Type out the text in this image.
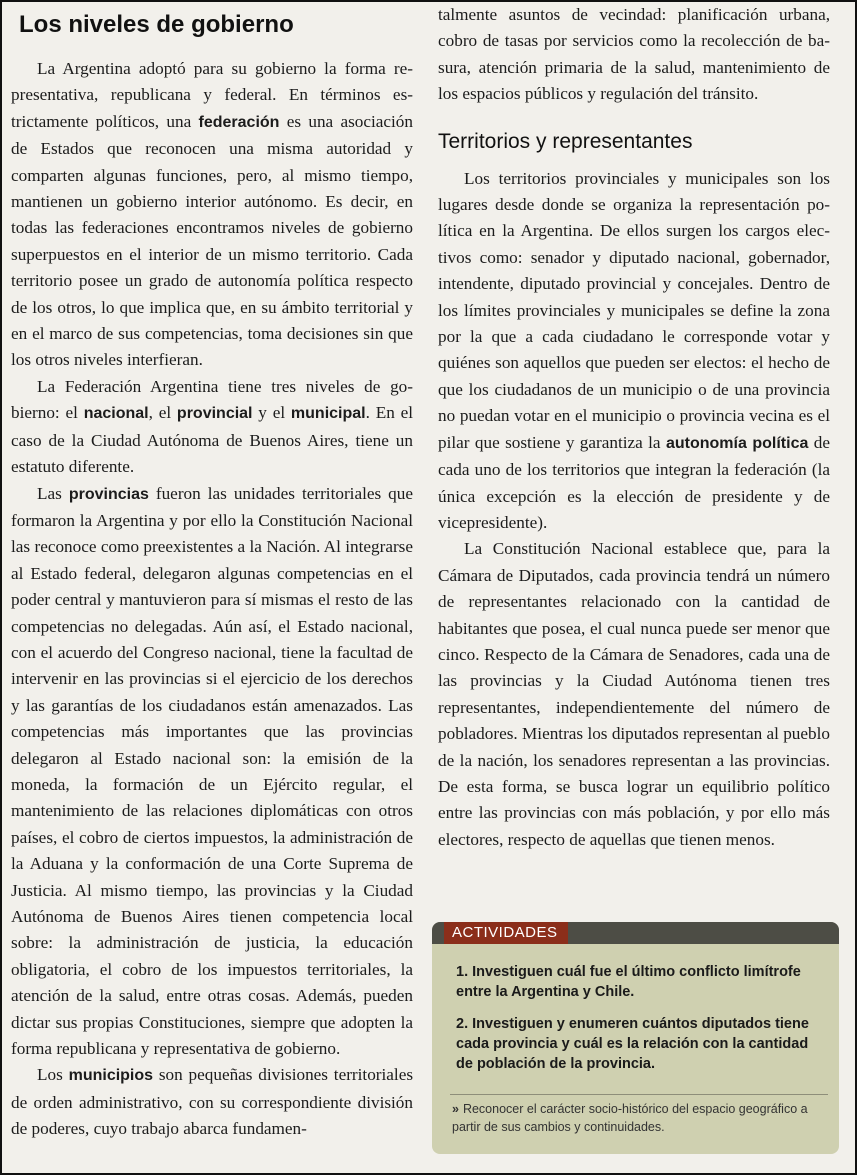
Los niveles de gobierno

La Argentina adoptó para su gobierno la forma representativa, republicana y federal. En términos estrictamente políticos, una federación es una asociación de Estados que reconocen una misma autoridad y comparten algunas funciones, pero, al mismo tiempo, mantienen un gobierno interior autónomo. Es decir, en todas las federaciones encontramos niveles de gobierno superpuestos en el interior de un mismo territorio. Cada territorio posee un grado de autonomía política respecto de los otros, lo que implica que, en su ámbito territorial y en el marco de sus competencias, toma decisiones sin que los otros niveles interfieran.

La Federación Argentina tiene tres niveles de gobierno: el nacional, el provincial y el municipal. En el caso de la Ciudad Autónoma de Buenos Aires, tiene un estatuto diferente.

Las provincias fueron las unidades territoriales que formaron la Argentina y por ello la Constitución Nacional las reconoce como preexistentes a la Nación. Al integrarse al Estado federal, delegaron algunas competencias en el poder central y mantuvieron para sí mismas el resto de las competencias no delegadas. Aún así, el Estado nacional, con el acuerdo del Congreso nacional, tiene la facultad de intervenir en las provincias si el ejercicio de los derechos y las garantías de los ciudadanos están amenazados. Las competencias más importantes que las provincias delegaron al Estado nacional son: la emisión de la moneda, la formación de un Ejército regular, el mantenimiento de las relaciones diplomáticas con otros países, el cobro de ciertos impuestos, la administración de la Aduana y la conformación de una Corte Suprema de Justicia. Al mismo tiempo, las provincias y la Ciudad Autónoma de Buenos Aires tienen competencia local sobre: la administración de justicia, la educación obligatoria, el cobro de los impuestos territoriales, la atención de la salud, entre otras cosas. Además, pueden dictar sus propias Constituciones, siempre que adopten la forma republicana y representativa de gobierno.

Los municipios son pequeñas divisiones territoriales de orden administrativo, con su correspondiente división de poderes, cuyo trabajo abarca fundamen-

talmente asuntos de vecindad: planificación urbana, cobro de tasas por servicios como la recolección de basura, atención primaria de la salud, mantenimiento de los espacios públicos y regulación del tránsito.

Territorios y representantes

Los territorios provinciales y municipales son los lugares desde donde se organiza la representación política en la Argentina. De ellos surgen los cargos electivos como: senador y diputado nacional, gobernador, intendente, diputado provincial y concejales. Dentro de los límites provinciales y municipales se define la zona por la que a cada ciudadano le corresponde votar y quiénes son aquellos que pueden ser electos: el hecho de que los ciudadanos de un municipio o de una provincia no puedan votar en el municipio o provincia vecina es el pilar que sostiene y garantiza la autonomía política de cada uno de los territorios que integran la federación (la única excepción es la elección de presidente y de vicepresidente).

La Constitución Nacional establece que, para la Cámara de Diputados, cada provincia tendrá un número de representantes relacionado con la cantidad de habitantes que posea, el cual nunca puede ser menor que cinco. Respecto de la Cámara de Senadores, cada una de las provincias y la Ciudad Autónoma tienen tres representantes, independientemente del número de pobladores. Mientras los diputados representan al pueblo de la nación, los senadores representan a las provincias. De esta forma, se busca lograr un equilibrio político entre las provincias con más población, y por ello más electores, respecto de aquellas que tienen menos.

ACTIVIDADES
1. Investiguen cuál fue el último conflicto limítrofe entre la Argentina y Chile.
2. Investiguen y enumeren cuántos diputados tiene cada provincia y cuál es la relación con la cantidad de población de la provincia.
» Reconocer el carácter socio-histórico del espacio geográfico a partir de sus cambios y continuidades.
